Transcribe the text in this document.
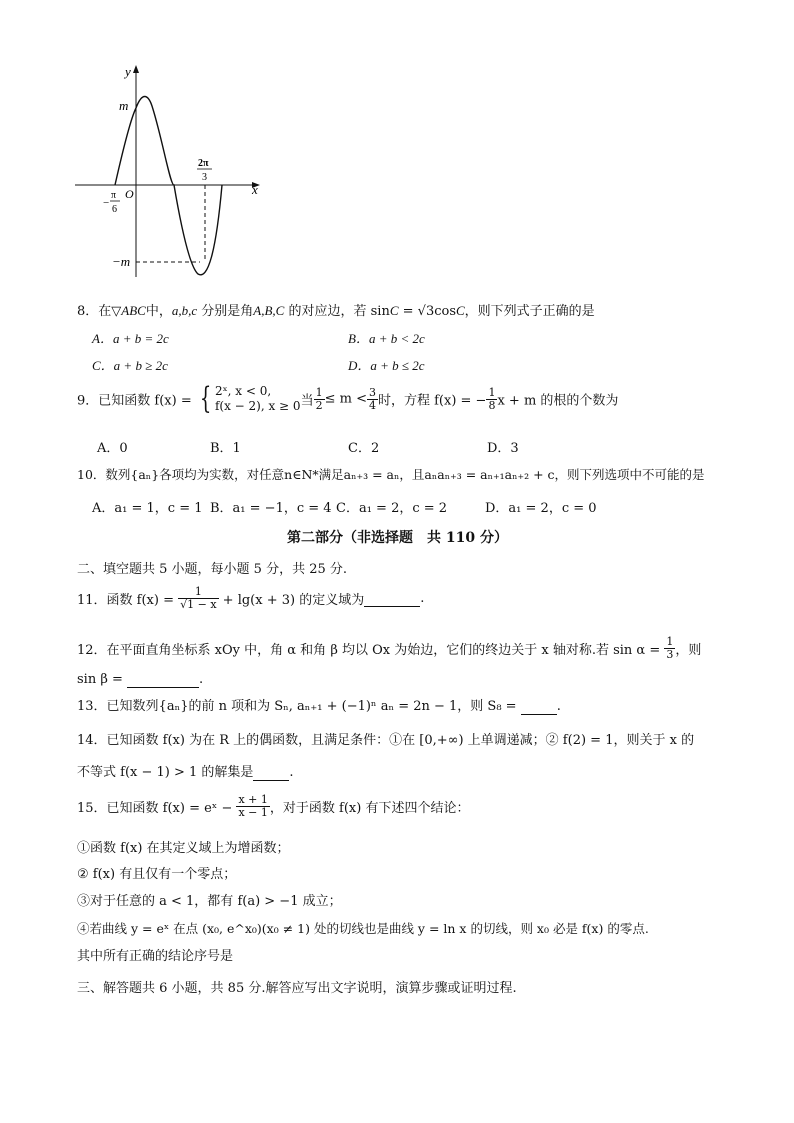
y
x
m
−m
O
−
π
6
2π
3
8．在▽ABC中，a,b,c 分别是角A,B,C 的对应边，若 sinC = √3cosC，则下列式子正确的是
A．a + b = 2c	B．a + b < 2c
C．a + b ≥ 2c	D．a + b ≤ 2c
9．已知函数 f(x) = { 2ˣ, x < 0,
f(x − 2), x ≥ 0 当 $\frac{1}{2} \le m < \frac{3}{4}$ 时，方程 f(x) = − $\frac{1}{8}$ x + m 的根的个数为
A．0	B．1	C．2	D．3
10．数列{aₙ}各项均为实数，对任意n∈N*满足aₙ₊₃ = aₙ，且aₙaₙ₊₃ = aₙ₊₁aₙ₊₂ + c，则下列选项中不可能的是
A．a₁ = 1，c = 1 B．a₁ = −1，c = 4 C．a₁ = 2，c = 2	D．a₁ = 2，c = 0
第二部分（非选择题　共 110 分）
二、填空题共 5 小题，每小题 5 分，共 25 分.
11．函数 $f(x) = \frac{1}{√1 - x} + \lg(x + 3)$ 的定义域为	.
12．在平面直角坐标系 xOy 中，角 α 和角 β 均以 Ox 为始边，它们的终边关于 x 轴对称.若 $\sin \alpha = \frac{1}{3}$ ，则
sin β =	.
13．已知数列{aₙ}的前 n 项和为 Sₙ, aₙ₊₁ + (−1)ⁿ aₙ = 2n − 1，则 S₈ =	.
14．已知函数 f(x) 为在 R 上的偶函数，且满足条件：①在 [0,+∞) 上单调递减；② f(2) = 1，则关于 x 的
不等式 f(x − 1) > 1 的解集是	.
15．已知函数 f(x) = eˣ − $\frac{x + 1}{x - 1}$ ，对于函数 f(x) 有下述四个结论：
①函数 f(x) 在其定义域上为增函数；
② f(x) 有且仅有一个零点；
③对于任意的 a < 1，都有 f(a) > −1 成立；
④若曲线 y = eˣ 在点 (x₀, e^x₀)(x₀ ≠ 1) 处的切线也是曲线 y = ln x 的切线，则 x₀ 必是 f(x) 的零点.
其中所有正确的结论序号是
三、解答题共 6 小题，共 85 分.解答应写出文字说明，演算步骤或证明过程.
